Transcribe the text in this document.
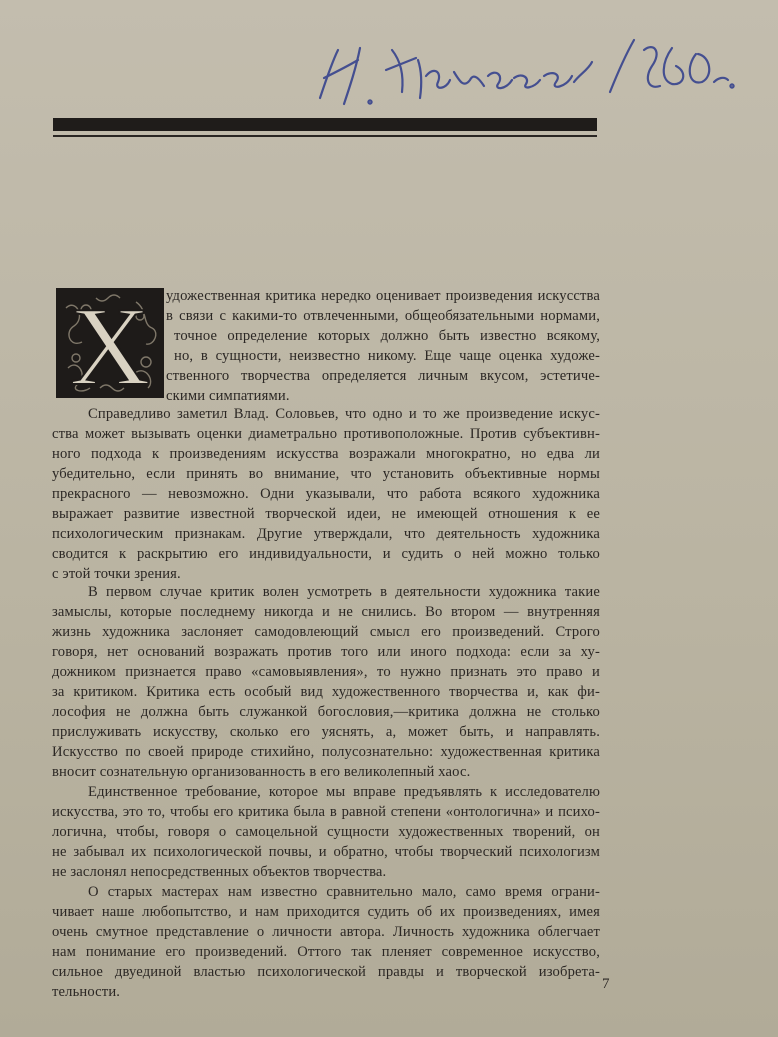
Х удожественная критика нередко оценивает произведения искусства
в связи с какими-то отвлеченными, общеобязательными нормами,
точное определение которых должно быть известно всякому,
но, в сущности, неизвестно никому. Еще чаще оценка художе-
ственного творчества определяется личным вкусом, эстетиче-
скими симпатиями.
Справедливо заметил Влад. Соловьев, что одно и то же произведение искус-
ства может вызывать оценки диаметрально противоположные. Против субъективн-
ного подхода к произведениям искусства возражали многократно, но едва ли
убедительно, если принять во внимание, что установить объективные нормы
прекрасного — невозможно. Одни указывали, что работа всякого художника
выражает развитие известной творческой идеи, не имеющей отношения к ее
психологическим признакам. Другие утверждали, что деятельность художника
сводится к раскрытию его индивидуальности, и судить о ней можно только
с этой точки зрения.
В первом случае критик волен усмотреть в деятельности художника такие
замыслы, которые последнему никогда и не снились. Во втором — внутренняя
жизнь художника заслоняет самодовлеющий смысл его произведений. Строго
говоря, нет оснований возражать против того или иного подхода: если за ху-
дожником признается право «самовыявления», то нужно признать это право и
за критиком. Критика есть особый вид художественного творчества и, как фи-
лософия не должна быть служанкой богословия,—критика должна не столько
прислуживать искусству, сколько его уяснять, а, может быть, и направлять.
Искусство по своей природе стихийно, полусознательно: художественная критика
вносит сознательную организованность в его великолепный хаос.
Единственное требование, которое мы вправе предъявлять к исследователю
искусства, это то, чтобы его критика была в равной степени «онтологична» и психо-
логична, чтобы, говоря о самоцельной сущности художественных творений, он
не забывал их психологической почвы, и обратно, чтобы творческий психологизм
не заслонял непосредственных объектов творчества.
О старых мастерах нам известно сравнительно мало, само время ограни-
чивает наше любопытство, и нам приходится судить об их произведениях, имея
очень смутное представление о личности автора. Личность художника облегчает
нам понимание его произведений. Оттого так пленяет современное искусство,
сильное двуединой властью психологической правды и творческой изобрета-
тельности.	7
